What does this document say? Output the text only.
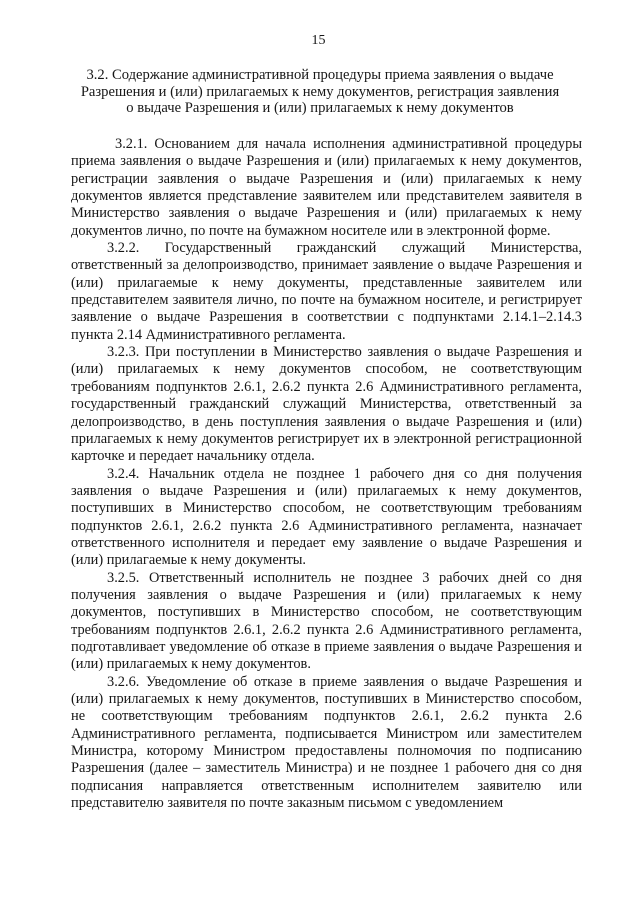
15
3.2. Содержание административной процедуры приема заявления о выдаче Разрешения и (или) прилагаемых к нему документов, регистрация заявления о выдаче Разрешения и (или) прилагаемых к нему документов

3.2.1. Основанием для начала исполнения административной процедуры приема заявления о выдаче Разрешения и (или) прилагаемых к нему документов, регистрации заявления о выдаче Разрешения и (или) прилагаемых к нему документов является представление заявителем или представителем заявителя в Министерство заявления о выдаче Разрешения и (или) прилагаемых к нему документов лично, по почте на бумажном носителе или в электронной форме.

3.2.2. Государственный гражданский служащий Министерства, ответственный за делопроизводство, принимает заявление о выдаче Разрешения и (или) прилагаемые к нему документы, представленные заявителем или представителем заявителя лично, по почте на бумажном носителе, и регистрирует заявление о выдаче Разрешения в соответствии с подпунктами 2.14.1–2.14.3 пункта 2.14 Административного регламента.

3.2.3. При поступлении в Министерство заявления о выдаче Разрешения и (или) прилагаемых к нему документов способом, не соответствующим требованиям подпунктов 2.6.1, 2.6.2 пункта 2.6 Административного регламента, государственный гражданский служащий Министерства, ответственный за делопроизводство, в день поступления заявления о выдаче Разрешения и (или) прилагаемых к нему документов регистрирует их в электронной регистрационной карточке и передает начальнику отдела.

3.2.4. Начальник отдела не позднее 1 рабочего дня со дня получения заявления о выдаче Разрешения и (или) прилагаемых к нему документов, поступивших в Министерство способом, не соответствующим требованиям подпунктов 2.6.1, 2.6.2 пункта 2.6 Административного регламента, назначает ответственного исполнителя и передает ему заявление о выдаче Разрешения и (или) прилагаемые к нему документы.

3.2.5. Ответственный исполнитель не позднее 3 рабочих дней со дня получения заявления о выдаче Разрешения и (или) прилагаемых к нему документов, поступивших в Министерство способом, не соответствующим требованиям подпунктов 2.6.1, 2.6.2 пункта 2.6 Административного регламента, подготавливает уведомление об отказе в приеме заявления о выдаче Разрешения и (или) прилагаемых к нему документов.

3.2.6. Уведомление об отказе в приеме заявления о выдаче Разрешения и (или) прилагаемых к нему документов, поступивших в Министерство способом, не соответствующим требованиям подпунктов 2.6.1, 2.6.2 пункта 2.6 Административного регламента, подписывается Министром или заместителем Министра, которому Министром предоставлены полномочия по подписанию Разрешения (далее – заместитель Министра) и не позднее 1 рабочего дня со дня подписания направляется ответственным исполнителем заявителю или представителю заявителя по почте заказным письмом с уведомлением
